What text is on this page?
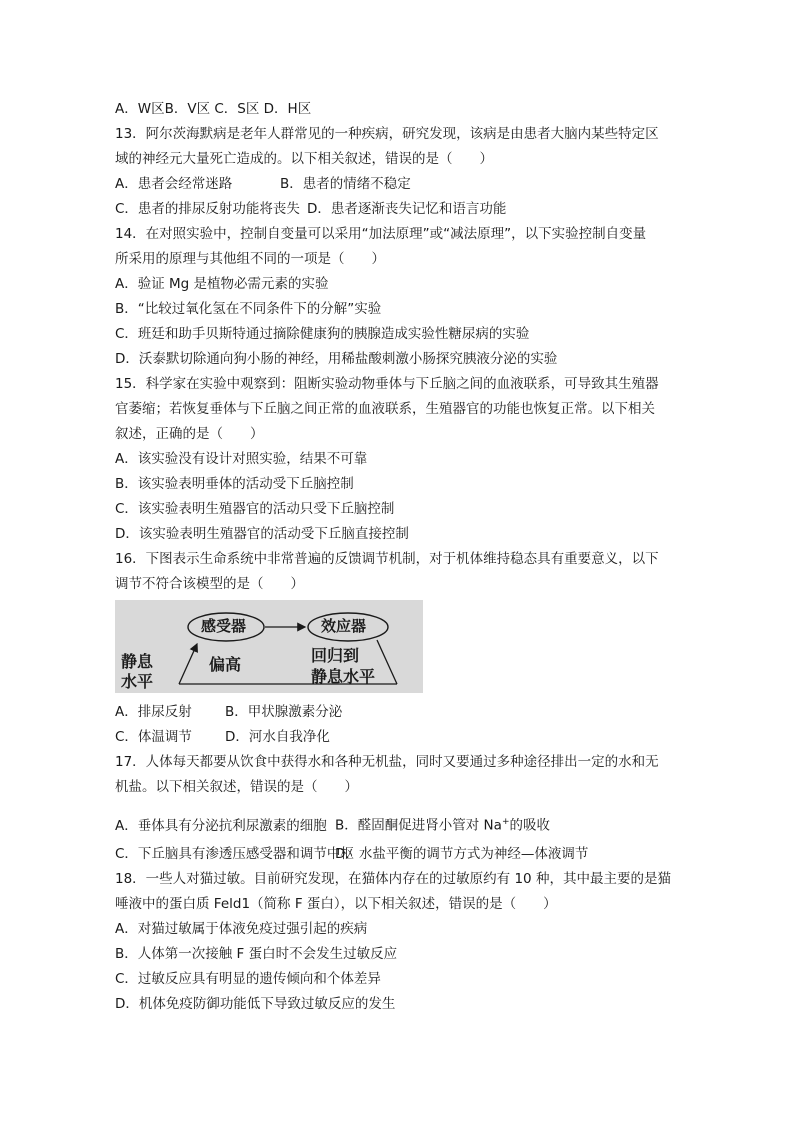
A．W区B．V区 C．S区 D．H区
13．阿尔茨海默病是老年人群常见的一种疾病，研究发现，该病是由患者大脑内某些特定区
域的神经元大量死亡造成的。以下相关叙述，错误的是（　　）
A．患者会经常迷路	B．患者的情绪不稳定
C．患者的排尿反射功能将丧失 D．患者逐渐丧失记忆和语言功能
14．在对照实验中，控制自变量可以采用“加法原理”或“减法原理”，以下实验控制自变量
所采用的原理与其他组不同的一项是（　　）
A．验证 Mg 是植物必需元素的实验
B．“比较过氧化氢在不同条件下的分解”实验
C．班廷和助手贝斯特通过摘除健康狗的胰腺造成实验性糖尿病的实验
D．沃泰默切除通向狗小肠的神经，用稀盐酸刺激小肠探究胰液分泌的实验
15．科学家在实验中观察到：阻断实验动物垂体与下丘脑之间的血液联系，可导致其生殖器
官萎缩；若恢复垂体与下丘脑之间正常的血液联系，生殖器官的功能也恢复正常。以下相关
叙述，正确的是（　　）
A．该实验没有设计对照实验，结果不可靠
B．该实验表明垂体的活动受下丘脑控制
C．该实验表明生殖器官的活动只受下丘脑控制
D．该实验表明生殖器官的活动受下丘脑直接控制
16．下图表示生命系统中非常普遍的反馈调节机制，对于机体维持稳态具有重要意义，以下
调节不符合该模型的是（　　）
感受器	效应器
静息
水平
偏高	回归到
静息水平
A．排尿反射 B．甲状腺激素分泌
C．体温调节 D．河水自我净化
17．人体每天都要从饮食中获得水和各种无机盐，同时又要通过多种途径排出一定的水和无
机盐。以下相关叙述，错误的是（　　）
A．垂体具有分泌抗利尿激素的细胞 B．醛固酮促进肾小管对 Na+的吸收
C．下丘脑具有渗透压感受器和调节中枢D．水盐平衡的调节方式为神经—体液调节
18．一些人对猫过敏。目前研究发现，在猫体内存在的过敏原约有 10 种，其中最主要的是猫
唾液中的蛋白质 Feld1（简称 F 蛋白），以下相关叙述，错误的是（　　）
A．对猫过敏属于体液免疫过强引起的疾病
B．人体第一次接触 F 蛋白时不会发生过敏反应
C．过敏反应具有明显的遗传倾向和个体差异
D．机体免疫防御功能低下导致过敏反应的发生
